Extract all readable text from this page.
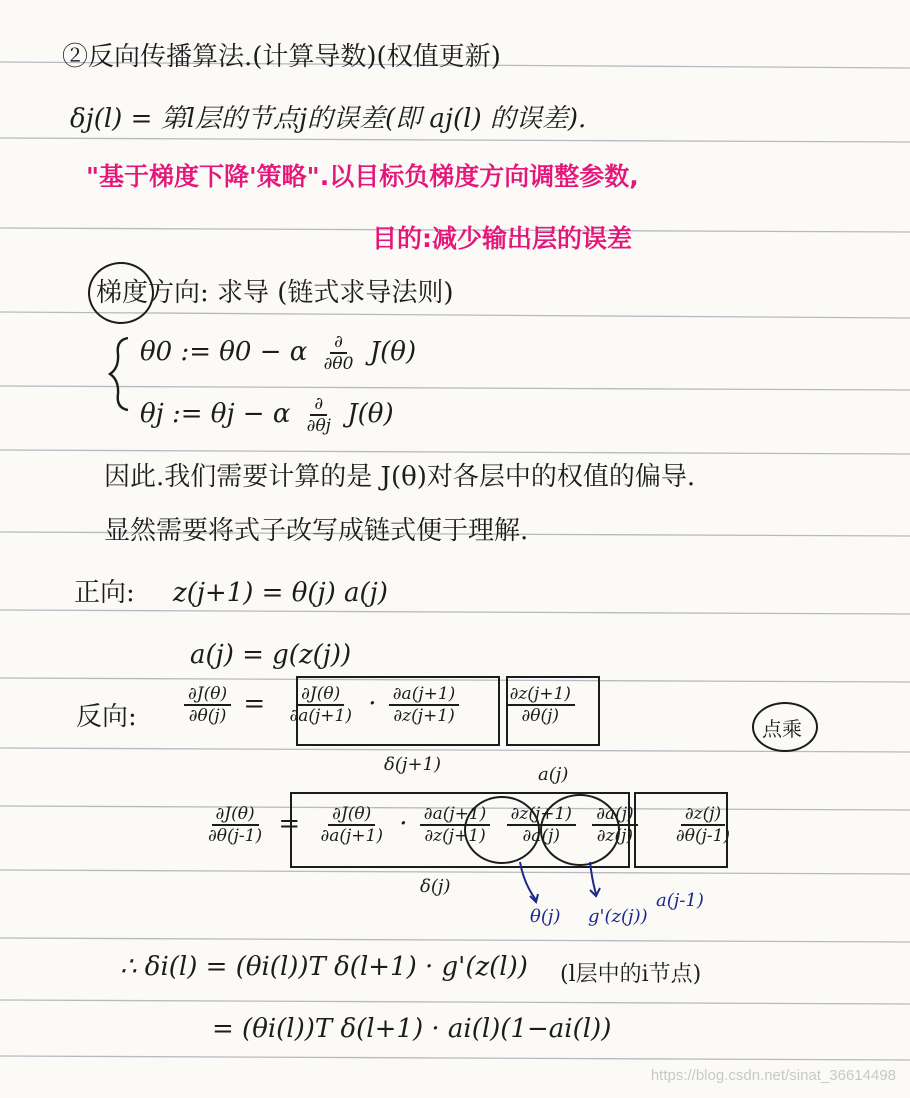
②反向传播算法.(计算导数)(权值更新)
δj(l) = 第l层的节点j的误差(即 aj(l) 的误差).
"基于梯度下降'策略".以目标负梯度方向调整参数,
目的:减少输出层的误差
梯度方向: 求导 (链式求导法则)
θ0 := θ0 − α $\frac{\partial}{\partial\theta 0} J(\theta)$
θj := θj − α $\frac{\partial}{\partial\theta j} J(\theta)$
因此.我们需要计算的是 J(θ)对各层中的权值的偏导.
显然需要将式子改写成链式便于理解.
正向: z(j+1) = θ(j) a(j)
a(j) = g(z(j))
反向:	$\frac{\partial J(\theta)}{\partial\theta(j)} = \frac{\partial J(\theta)}{\partial a(j+1)} \cdot \frac{\partial a(j+1)}{\partial z(j+1)}$
	$\frac{\partial z(j+1)}{\partial\theta(j)}$
δ(j+1)	a(j)
点乘
$\frac{\partial J(\theta)}{\partial\theta(j-1)} = \frac{\partial J(\theta)}{\partial a(j+1)} \cdot \frac{\partial a(j+1)}{\partial z(j+1)}$
$\frac{\partial z(j+1)}{\partial a(j)}$
$\frac{\partial a(j)}{\partial z(j)}$
$\frac{\partial z(j)}{\partial\theta(j-1)}$
δ(j)
θ(j) g'(z(j))
a(j-1)
∴ δi(l) = (θi(l))T δ(l+1) · g'(z(l)) (l层中的i节点)
= (θi(l))T δ(l+1) · ai(l)(1−ai(l))
https://blog.csdn.net/sinat_36614498
